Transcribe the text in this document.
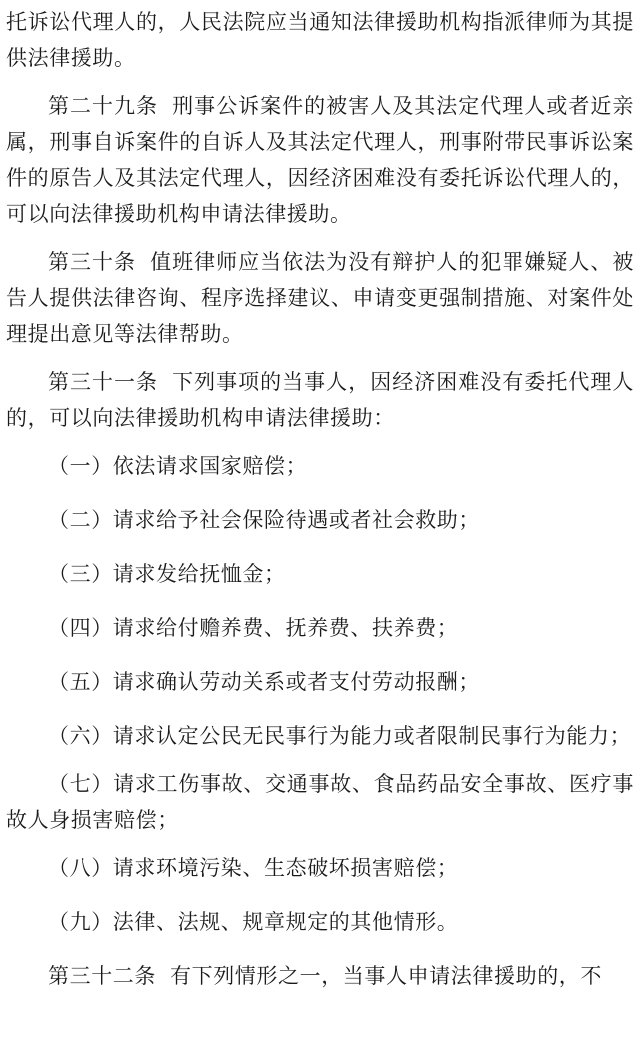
托诉讼代理人的，人民法院应当通知法律援助机构指派律师为其提供法律援助。

第二十九条 刑事公诉案件的被害人及其法定代理人或者近亲属，刑事自诉案件的自诉人及其法定代理人，刑事附带民事诉讼案件的原告人及其法定代理人，因经济困难没有委托诉讼代理人的，可以向法律援助机构申请法律援助。

第三十条 值班律师应当依法为没有辩护人的犯罪嫌疑人、被告人提供法律咨询、程序选择建议、申请变更强制措施、对案件处理提出意见等法律帮助。

第三十一条 下列事项的当事人，因经济困难没有委托代理人的，可以向法律援助机构申请法律援助：

（一）依法请求国家赔偿；

（二）请求给予社会保险待遇或者社会救助；

（三）请求发给抚恤金；

（四）请求给付赡养费、抚养费、扶养费；

（五）请求确认劳动关系或者支付劳动报酬；

（六）请求认定公民无民事行为能力或者限制民事行为能力；

（七）请求工伤事故、交通事故、食品药品安全事故、医疗事故人身损害赔偿；

（八）请求环境污染、生态破坏损害赔偿；

（九）法律、法规、规章规定的其他情形。

第三十二条 有下列情形之一，当事人申请法律援助的，不
